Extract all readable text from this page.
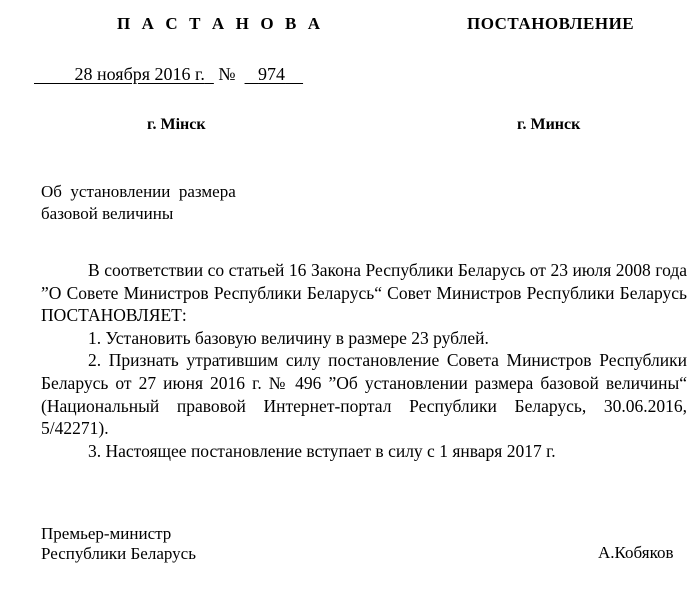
П А С Т А Н О В А	ПОСТАНОВЛЕНИЕ
28 ноября 2016 г. № 974
г. Мiнск	г. Минск
Об  установлении  размера
базовой величины

В соответствии со статьей 16 Закона Республики Беларусь от 23 июля 2008 года ”О Совете Министров Республики Беларусь“ Совет Министров Республики Беларусь ПОСТАНОВЛЯЕТ:

1. Установить базовую величину в размере 23 рублей.

2. Признать утратившим силу постановление Совета Министров Республики Беларусь от 27 июня 2016 г. № 496 ”Об установлении размера базовой величины“ (Национальный правовой Интернет-портал Республики Беларусь, 30.06.2016, 5/42271).

3. Настоящее постановление вступает в силу с 1 января 2017 г.

Премьер-министр
Республики Беларусь	А.Кобяков
